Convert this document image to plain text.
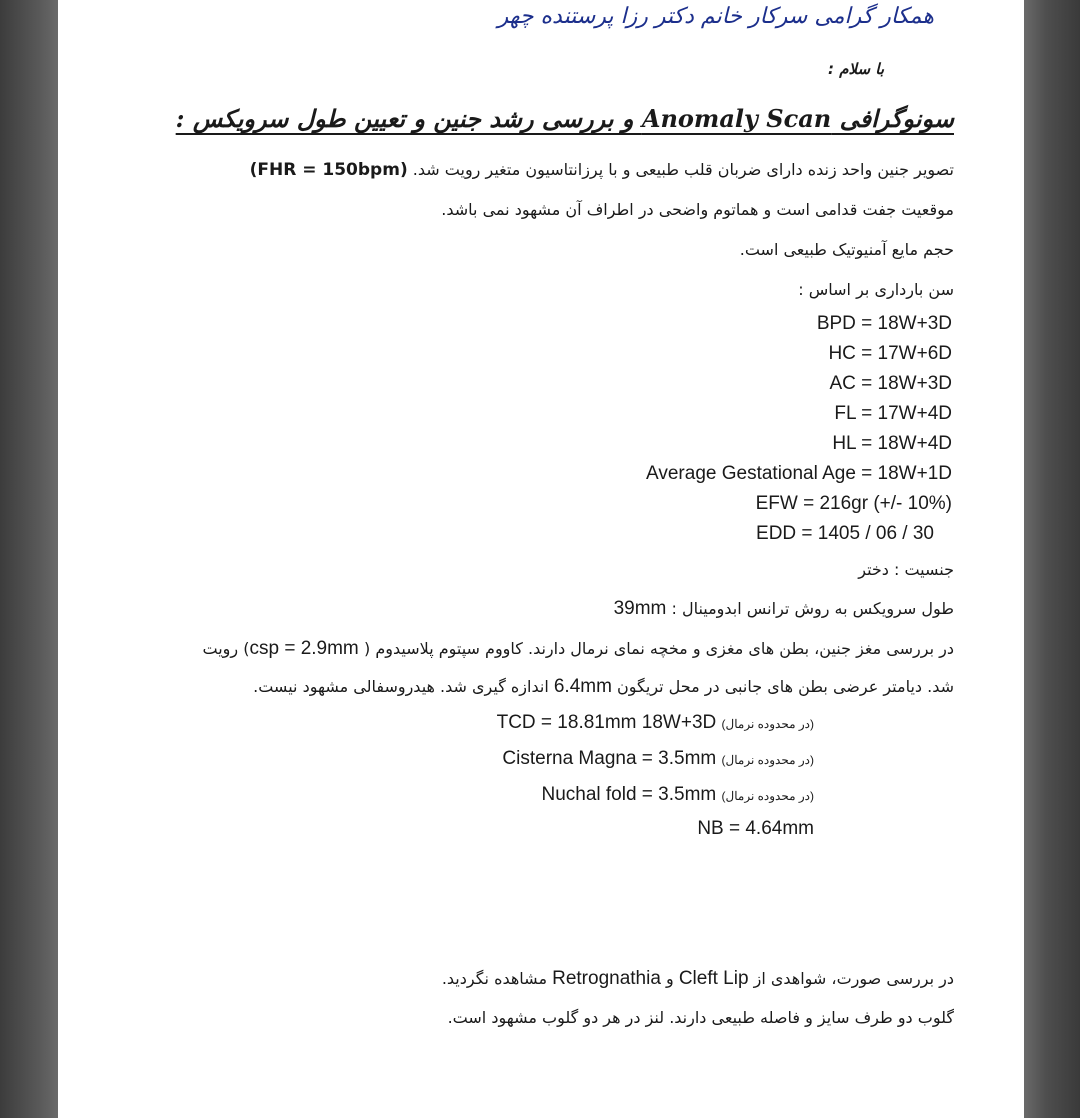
همکار گرامی سرکار خانم دکتر رزا پرستنده چهر
با سلام :
سونوگرافی Anomaly Scan و بررسی رشد جنین و تعیین طول سرویکس :
تصویر جنین واحد زنده دارای ضربان قلب طبیعی و با پرزانتاسیون متغیر رویت شد. (FHR = 150bpm)
موقعیت جفت قدامی است و هماتوم واضحی در اطراف آن مشهود نمی باشد.
حجم مایع آمنیوتیک طبیعی است.
سن بارداری بر اساس :
BPD = 18W+3D
HC = 17W+6D
AC = 18W+3D
FL = 17W+4D
HL = 18W+4D
Average Gestational Age = 18W+1D
EFW = 216gr (+/- 10%)
EDD = 1405 / 06 / 30
جنسیت : دختر
طول سرویکس به روش ترانس ابدومینال : 39mm
در بررسی مغز جنین، بطن های مغزی و مخچه نمای نرمال دارند. کاووم سپتوم پلاسیدوم ( csp = 2.9mm) رویت
شد. دیامتر عرضی بطن های جانبی در محل تریگون 6.4mm اندازه گیری شد. هیدروسفالی مشهود نیست.
(در محدوده نرمال) TCD = 18.81mm 18W+3D
(در محدوده نرمال) Cisterna Magna = 3.5mm
(در محدوده نرمال) Nuchal fold = 3.5mm
NB = 4.64mm
در بررسی صورت، شواهدی از Cleft Lip و Retrognathia مشاهده نگردید.
گلوب دو طرف سایز و فاصله طبیعی دارند. لنز در هر دو گلوب مشهود است.
